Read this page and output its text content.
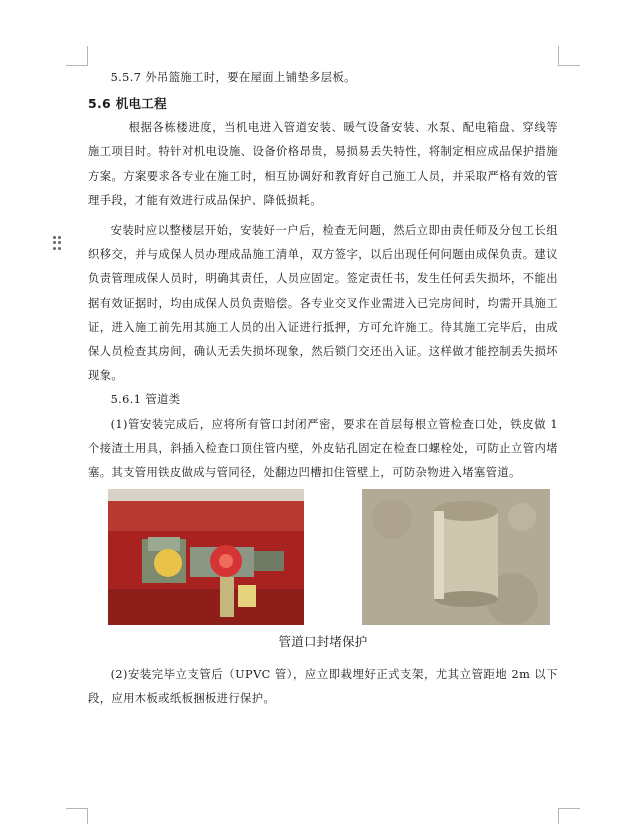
5.5.7 外吊篮施工时，要在屋面上铺垫多层板。

5.6 机电工程

根据各栋楼进度，当机电进入管道安装、暖气设备安装、水泵、配电箱盘、穿线等施工项目时。特针对机电设施、设备价格昂贵，易损易丢失特性，将制定相应成品保护措施方案。方案要求各专业在施工时，相互协调好和教育好自己施工人员，并采取严格有效的管理手段，才能有效进行成品保护、降低损耗。

安装时应以整楼层开始，安装好一户后，检查无问题，然后立即由责任师及分包工长组织移交，并与成保人员办理成品施工清单，双方签字，以后出现任何问题由成保负责。建议负责管理成保人员时，明确其责任，人员应固定。签定责任书，发生任何丢失损坏，不能出据有效证据时，均由成保人员负责赔偿。各专业交叉作业需进入已完房间时，均需开具施工证，进入施工前先用其施工人员的出入证进行抵押，方可允许施工。待其施工完毕后，由成保人员检查其房间，确认无丢失损坏现象，然后锁门交还出入证。这样做才能控制丢失损坏现象。

5.6.1 管道类

(1)管安装完成后，应将所有管口封闭严密，要求在首层每根立管检查口处，铁皮做 1 个接渣土用具，斜插入检查口顶住管内壁，外皮钻孔固定在检查口螺栓处，可防止立管内堵塞。其支管用铁皮做成与管同径，处翻边凹槽扣住管壁上，可防杂物进入堵塞管道。

管道口封堵保护

(2)安装完毕立支管后（UPVC 管），应立即栽埋好正式支架，尤其立管距地 2m 以下段，应用木板或纸板捆板进行保护。
